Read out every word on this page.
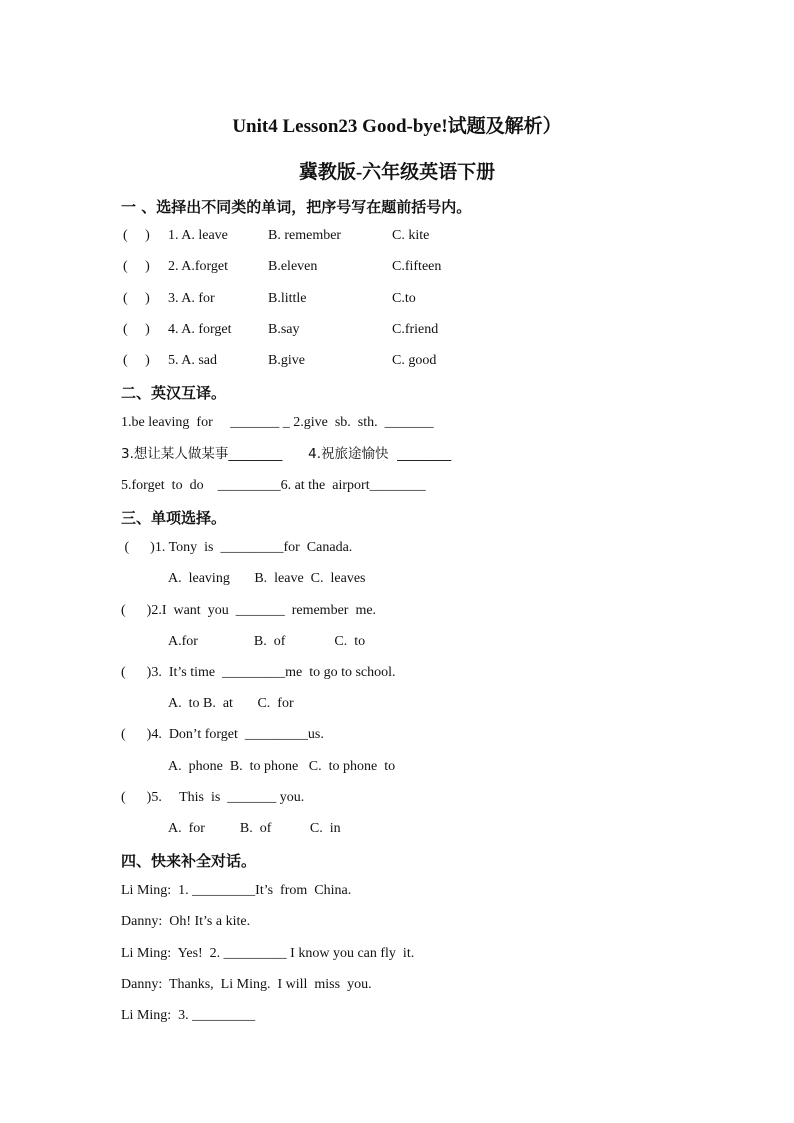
Unit4 Lesson23 Good-bye!试题及解析）
冀教版-六年级英语下册
一 、选择出不同类的单词，把序号写在题前括号内。
(     ) 1. A. leave	B. remember	C. kite
(     ) 2. A.forget	B.eleven	C.fifteen
(     ) 3. A. for	B.little	C.to
(     ) 4. A. forget	B.say	C.friend
(     ) 5. A. sad	B.give	C. good
二、英汉互译。
1.be leaving  for     _______ _ 2.give  sb.  sth.  _______
3.想让某人做某事________      4.祝旅途愉快  ________
5.forget  to  do    _________6. at the  airport________
三、单项选择。
(      )1. Tony  is  _________for  Canada.
A.  leaving       B.  leave  C.  leaves
(      )2.I  want  you  _______  remember  me.
A.for                B.  of              C.  to
(      )3.  It’s time  _________me  to go to school.
A.  to B.  at       C.  for
(      )4.  Don’t forget  _________us.
A.  phone  B.  to phone   C.  to phone  to
(      )5.     This  is  _______ you.
A.  for          B.  of           C.  in
四、快来补全对话。
Li Ming:  1. _________It’s  from  China.
Danny:  Oh! It’s a kite.
Li Ming:  Yes!  2. _________ I know you can fly  it.
Danny:  Thanks,  Li Ming.  I will  miss  you.
Li Ming:  3. _________
